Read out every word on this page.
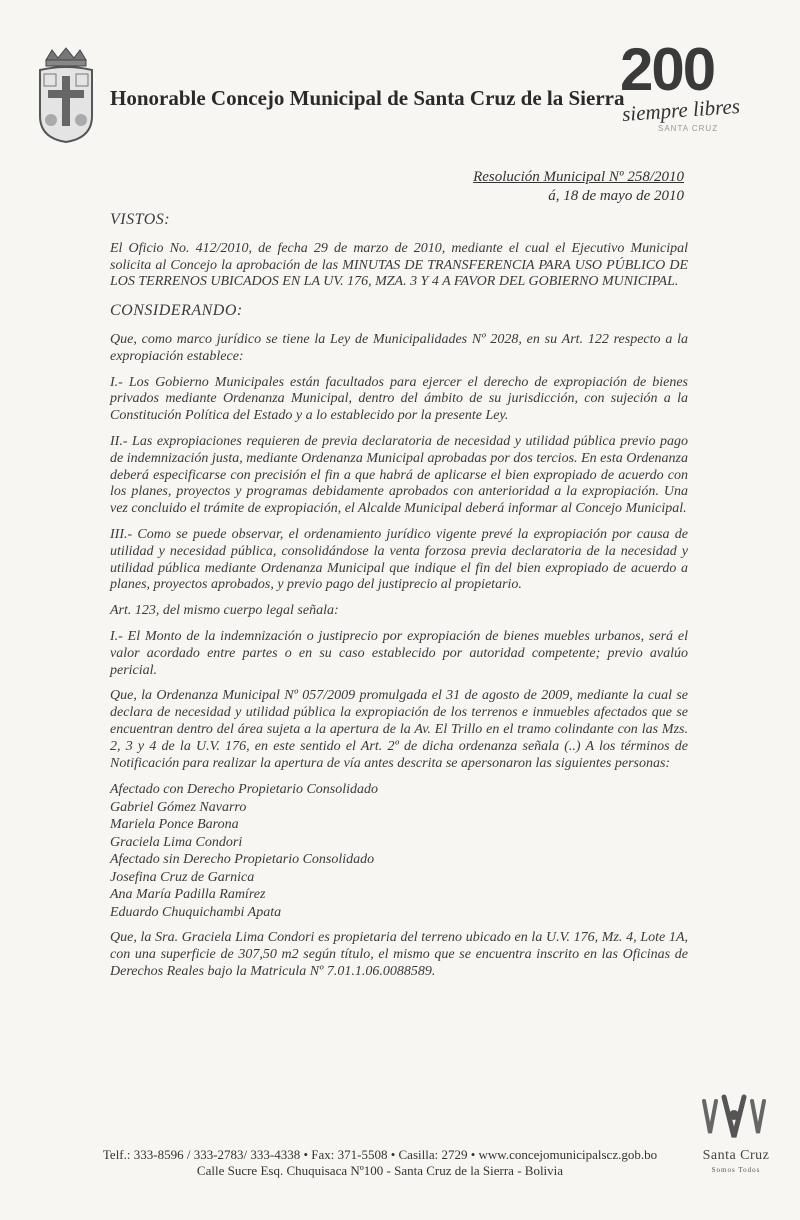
Honorable Concejo Municipal de Santa Cruz de la Sierra
200
siempre libres
SANTA CRUZ
Resolución Municipal Nº 258/2010
á, 18 de mayo de 2010
VISTOS:

El Oficio No. 412/2010, de fecha 29 de marzo de 2010, mediante el cual el Ejecutivo Municipal solicita al Concejo la aprobación de las MINUTAS DE TRANSFERENCIA PARA USO PÚBLICO DE LOS TERRENOS UBICADOS EN LA UV. 176, MZA. 3 Y 4 A FAVOR DEL GOBIERNO MUNICIPAL.

CONSIDERANDO:

Que, como marco jurídico se tiene la Ley de Municipalidades Nº 2028, en su Art. 122 respecto a la expropiación establece:

I.- Los Gobierno Municipales están facultados para ejercer el derecho de expropiación de bienes privados mediante Ordenanza Municipal, dentro del ámbito de su jurisdicción, con sujeción a la Constitución Política del Estado y a lo establecido por la presente Ley.

II.- Las expropiaciones requieren de previa declaratoria de necesidad y utilidad pública previo pago de indemnización justa, mediante Ordenanza Municipal aprobadas por dos tercios. En esta Ordenanza deberá especificarse con precisión el fin a que habrá de aplicarse el bien expropiado de acuerdo con los planes, proyectos y programas debidamente aprobados con anterioridad a la expropiación. Una vez concluido el trámite de expropiación, el Alcalde Municipal deberá informar al Concejo Municipal.

III.- Como se puede observar, el ordenamiento jurídico vigente prevé la expropiación por causa de utilidad y necesidad pública, consolidándose la venta forzosa previa declaratoria de la necesidad y utilidad pública mediante Ordenanza Municipal que indique el fin del bien expropiado de acuerdo a planes, proyectos aprobados, y previo pago del justiprecio al propietario.

Art. 123, del mismo cuerpo legal señala:

I.- El Monto de la indemnización o justiprecio por expropiación de bienes muebles urbanos, será el valor acordado entre partes o en su caso establecido por autoridad competente; previo avalúo pericial.

Que, la Ordenanza Municipal Nº 057/2009 promulgada el 31 de agosto de 2009, mediante la cual se declara de necesidad y utilidad pública la expropiación de los terrenos e inmuebles afectados que se encuentran dentro del área sujeta a la apertura de la Av. El Trillo en el tramo colindante con las Mzs. 2, 3 y 4 de la U.V. 176, en este sentido el Art. 2º de dicha ordenanza señala (..) A los términos de Notificación para realizar la apertura de vía antes descrita se apersonaron las siguientes personas:

Afectado con Derecho Propietario Consolidado
Gabriel Gómez Navarro
Mariela Ponce Barona
Graciela Lima Condori
Afectado sin Derecho Propietario Consolidado
Josefina Cruz de Garnica
Ana María Padilla Ramírez
Eduardo Chuquichambi Apata

Que, la Sra. Graciela Lima Condori es propietaria del terreno ubicado en la U.V. 176, Mz. 4, Lote 1A, con una superficie de 307,50 m2 según título, el mismo que se encuentra inscrito en las Oficinas de Derechos Reales bajo la Matricula Nº 7.01.1.06.0088589.

Telf.: 333-8596 / 333-2783/ 333-4338 • Fax: 371-5508 • Casilla: 2729 • www.concejomunicipalscz.gob.bo
Calle Sucre Esq. Chuquisaca Nº100 - Santa Cruz de la Sierra - Bolivia
Santa Cruz
Somos Todos
